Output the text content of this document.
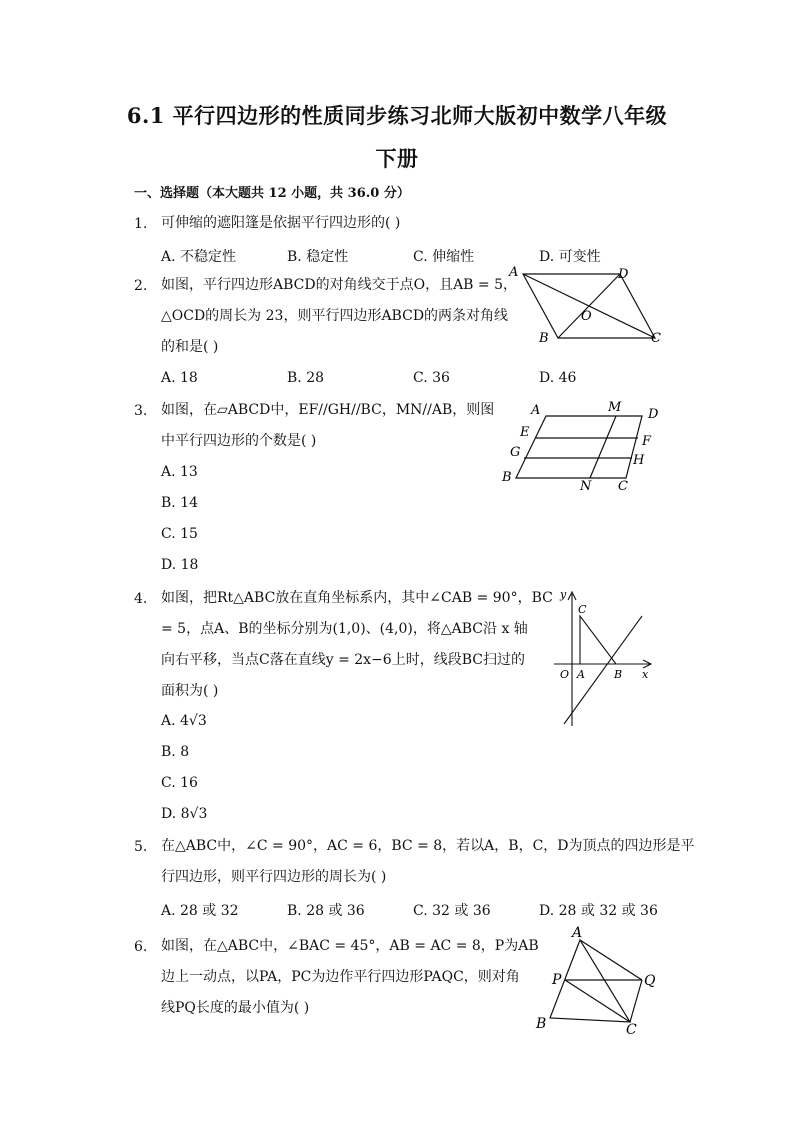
6.1 平行四边形的性质同步练习北师大版初中数学八年级
下册
一、选择题（本大题共 12 小题，共 36.0 分）
1. 可伸缩的遮阳篷是依据平行四边形的( )
A. 不稳定性	B. 稳定性	C. 伸缩性	D. 可变性
2. 如图，平行四边形ABCD的对角线交于点O，且AB = 5，
△OCD的周长为 23，则平行四边形ABCD的两条对角线
的和是( )
A. 18	B. 28	C. 36	D. 46
A	D
B	C
O
3. 如图，在▱ABCD中，EF//GH//BC，MN//AB，则图
中平行四边形的个数是( )
A. 13
B. 14
C. 15
D. 18
A	M D
E
F
G
H
B
N C
4. 如图，把Rt△ABC放在直角坐标系内，其中∠CAB = 90°，BC
= 5，点A、B的坐标分别为(1,0)、(4,0)，将△ABC沿 x 轴
向右平移，当点C落在直线y = 2x−6上时，线段BC扫过的
面积为( )
A. 4√3
B. 8
C. 16
D. 8√3
y
C
O A	B x
5. 在△ABC中，∠C = 90°，AC = 6，BC = 8，若以A，B，C，D为顶点的四边形是平
行四边形，则平行四边形的周长为( )
A. 28 或 32	B. 28 或 36	C. 32 或 36	D. 28 或 32 或 36
6. 如图，在△ABC中，∠BAC = 45°，AB = AC = 8，P为AB
边上一动点，以PA，PC为边作平行四边形PAQC，则对角
线PQ长度的最小值为( )
A
P	Q
B	C
